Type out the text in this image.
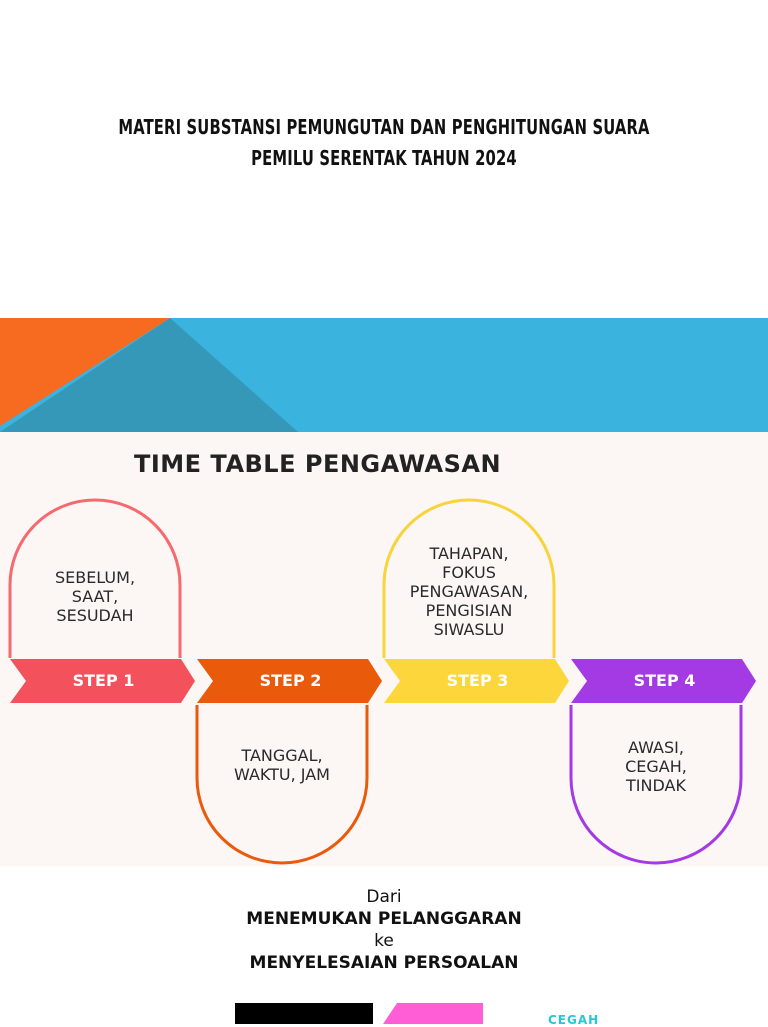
MATERI SUBSTANSI PEMUNGUTAN DAN PENGHITUNGAN SUARA
PEMILU SERENTAK TAHUN 2024
TIME TABLE PENGAWASAN
STEP 1	STEP 2	STEP 3	STEP 4
SEBELUM,
SAAT,
SESUDAH
TANGGAL,
WAKTU, JAM
TAHAPAN,
FOKUS
PENGAWASAN,
PENGISIAN
SIWASLU
AWASI,
CEGAH,
TINDAK
Dari
MENEMUKAN PELANGGARAN
ke
MENYELESAIAN PERSOALAN
CEGAH
